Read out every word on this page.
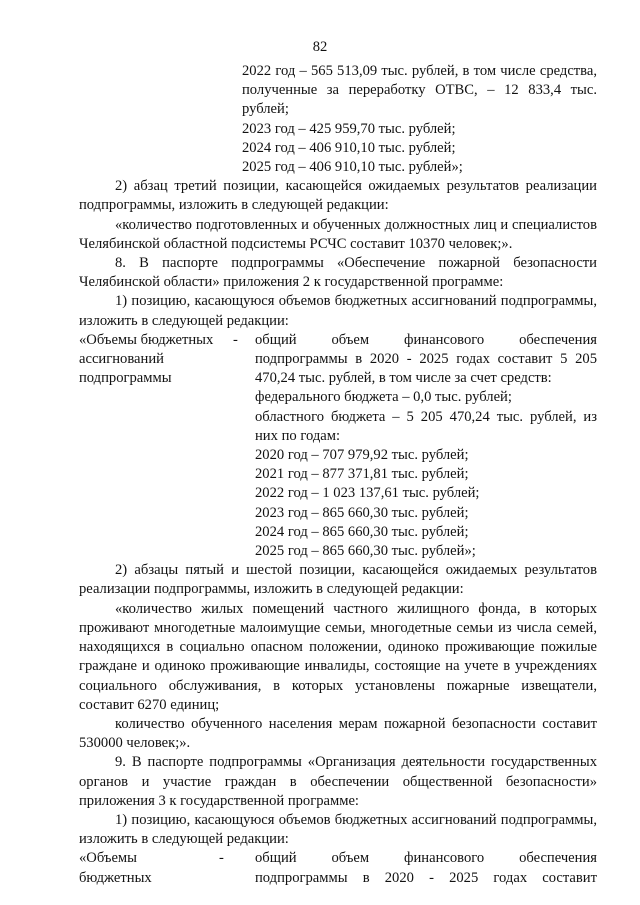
82

2022 год – 565 513,09 тыс. рублей, в том числе средства, полученные за переработку ОТВС, – 12 833,4 тыс. рублей;

2023 год – 425 959,70 тыс. рублей;

2024 год – 406 910,10 тыс. рублей;

2025 год – 406 910,10 тыс. рублей»;

2) абзац третий позиции, касающейся ожидаемых результатов реализации подпрограммы, изложить в следующей редакции:

«количество подготовленных и обученных должностных лиц и специалистов Челябинской областной подсистемы РСЧС составит 10370 человек;».

8. В паспорте подпрограммы «Обеспечение пожарной безопасности Челябинской области» приложения 2 к государственной программе:

1) позицию, касающуюся объемов бюджетных ассигнований подпрограммы, изложить в следующей редакции:

«Объемы бюджетных ассигнований подпрограммы
-	общий объем финансового обеспечения подпрограммы в 2020 - 2025 годах составит 5 205 470,24 тыс. рублей, в том числе за счет средств:

федерального бюджета – 0,0 тыс. рублей;

областного бюджета – 5 205 470,24 тыс. рублей, из них по годам:

2020 год – 707 979,92 тыс. рублей;

2021 год – 877 371,81 тыс. рублей;

2022 год – 1 023 137,61 тыс. рублей;

2023 год – 865 660,30 тыс. рублей;

2024 год – 865 660,30 тыс. рублей;

2025 год – 865 660,30 тыс. рублей»;

2) абзацы пятый и шестой позиции, касающейся ожидаемых результатов реализации подпрограммы, изложить в следующей редакции:

«количество жилых помещений частного жилищного фонда, в которых проживают многодетные малоимущие семьи, многодетные семьи из числа семей, находящихся в социально опасном положении, одиноко проживающие пожилые граждане и одиноко проживающие инвалиды, состоящие на учете в учреждениях социального обслуживания, в которых установлены пожарные извещатели, составит 6270 единиц;

количество обученного населения мерам пожарной безопасности составит 530000 человек;».

9. В паспорте подпрограммы «Организация деятельности государственных органов и участие граждан в обеспечении общественной безопасности» приложения 3 к государственной программе:

1) позицию, касающуюся объемов бюджетных ассигнований подпрограммы, изложить в следующей редакции:

«Объемы
бюджетных
-	общий объем финансового обеспечения

подпрограммы в 2020 - 2025 годах составит
